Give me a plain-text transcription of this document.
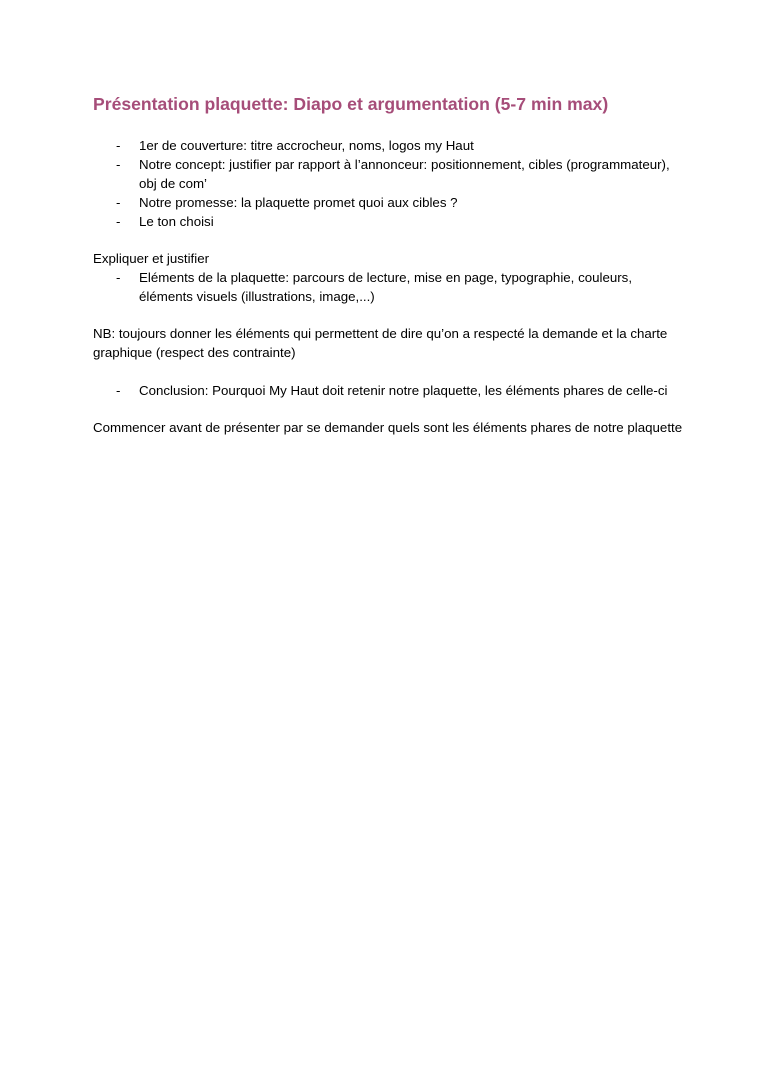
Présentation plaquette: Diapo et argumentation (5-7 min max)
- 1er de couverture: titre accrocheur, noms, logos my Haut
- Notre concept: justifier par rapport à l’annonceur: positionnement, cibles (programmateur), obj de com’
- Notre promesse: la plaquette promet quoi aux cibles ?
- Le ton choisi

Expliquer et justifier

- Eléments de la plaquette: parcours de lecture, mise en page, typographie, couleurs, éléments visuels (illustrations, image,...)

NB: toujours donner les éléments qui permettent de dire qu’on a respecté la demande et la charte graphique (respect des contrainte)

- Conclusion: Pourquoi My Haut doit retenir notre plaquette, les éléments phares de celle-ci

Commencer avant de présenter par se demander quels sont les éléments phares de notre plaquette
